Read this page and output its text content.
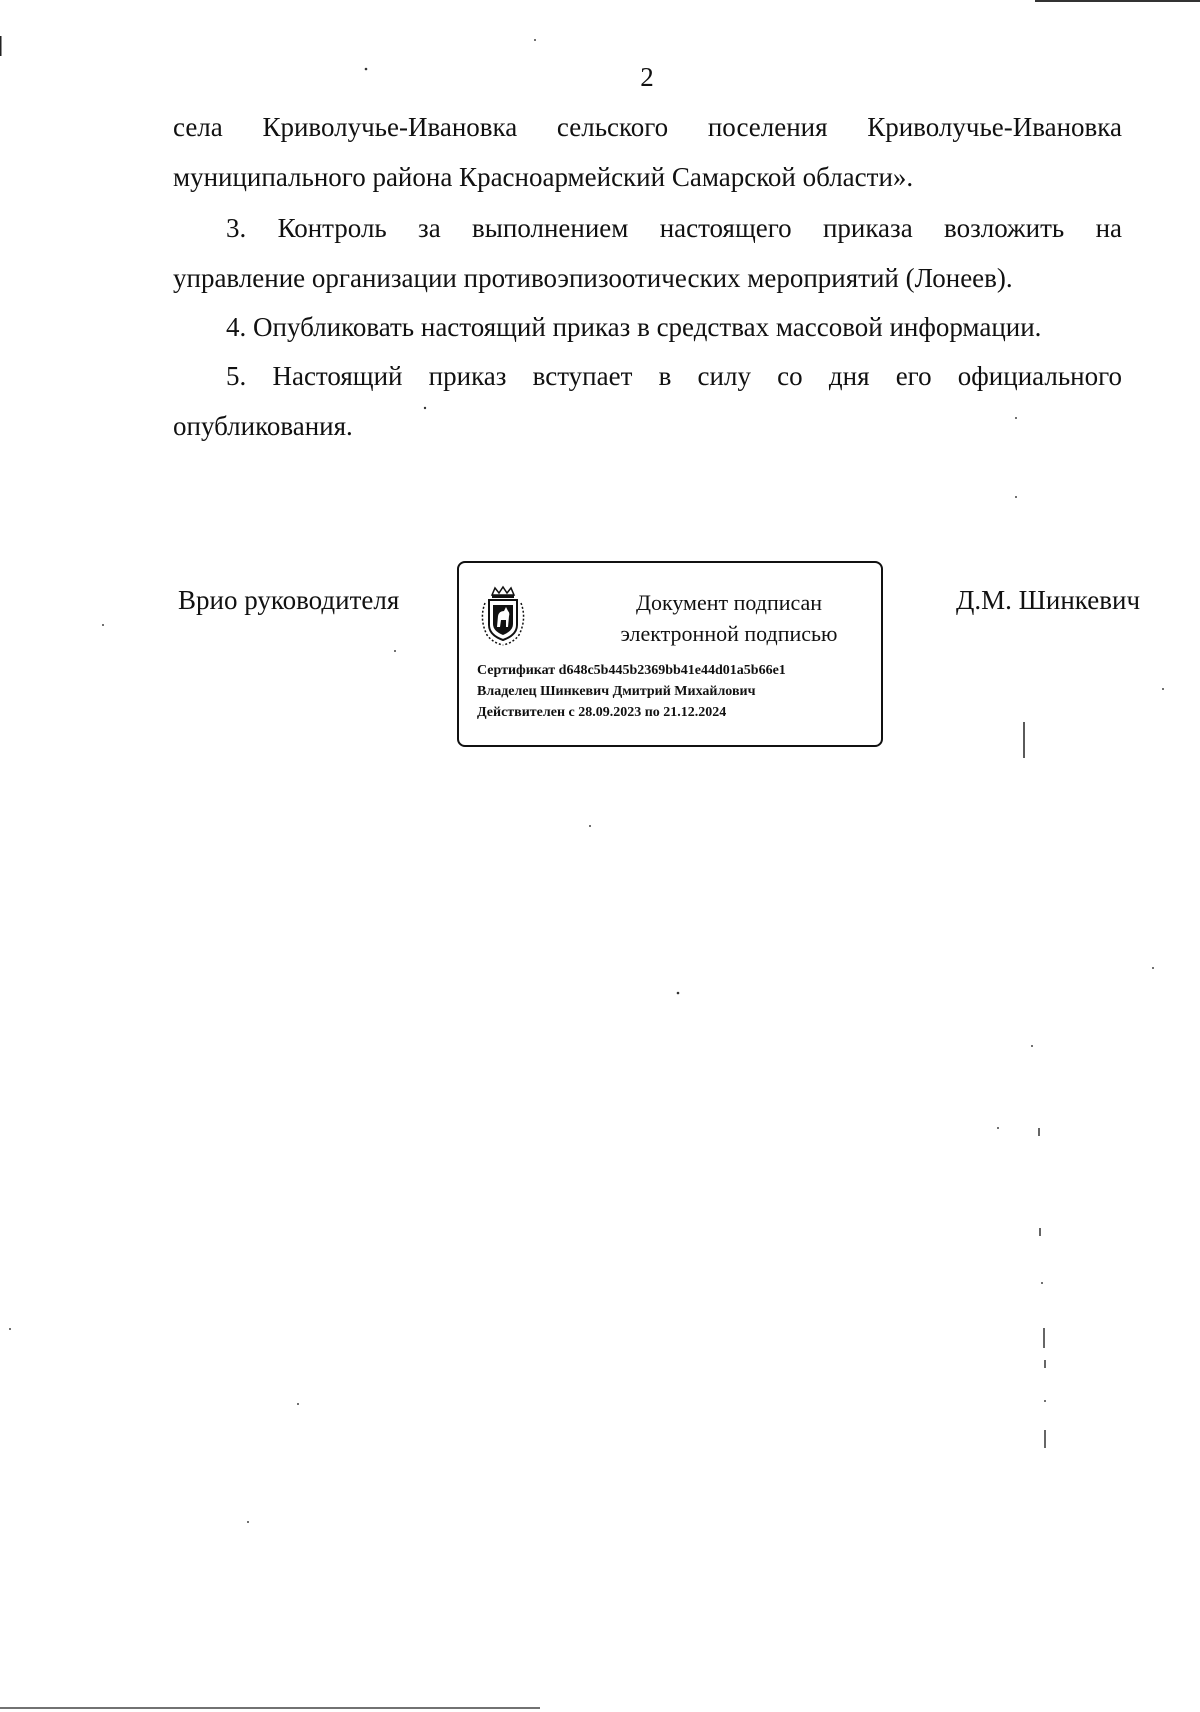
2
села Криволучье-Ивановка сельского поселения Криволучье-Ивановка
муниципального района Красноармейский Самарской области».
3. Контроль за выполнением настоящего приказа возложить на
управление организации противоэпизоотических мероприятий (Лонеев).
4. Опубликовать настоящий приказ в средствах массовой информации.
5. Настоящий приказ вступает в силу со дня его официального
опубликования.
Врио руководителя	Документ подписан
электронной подписью
Сертификат d648c5b445b2369bb41e44d01a5b66e1
Владелец Шинкевич Дмитрий Михайлович
Действителен с 28.09.2023 по 21.12.2024
Д.М. Шинкевич
